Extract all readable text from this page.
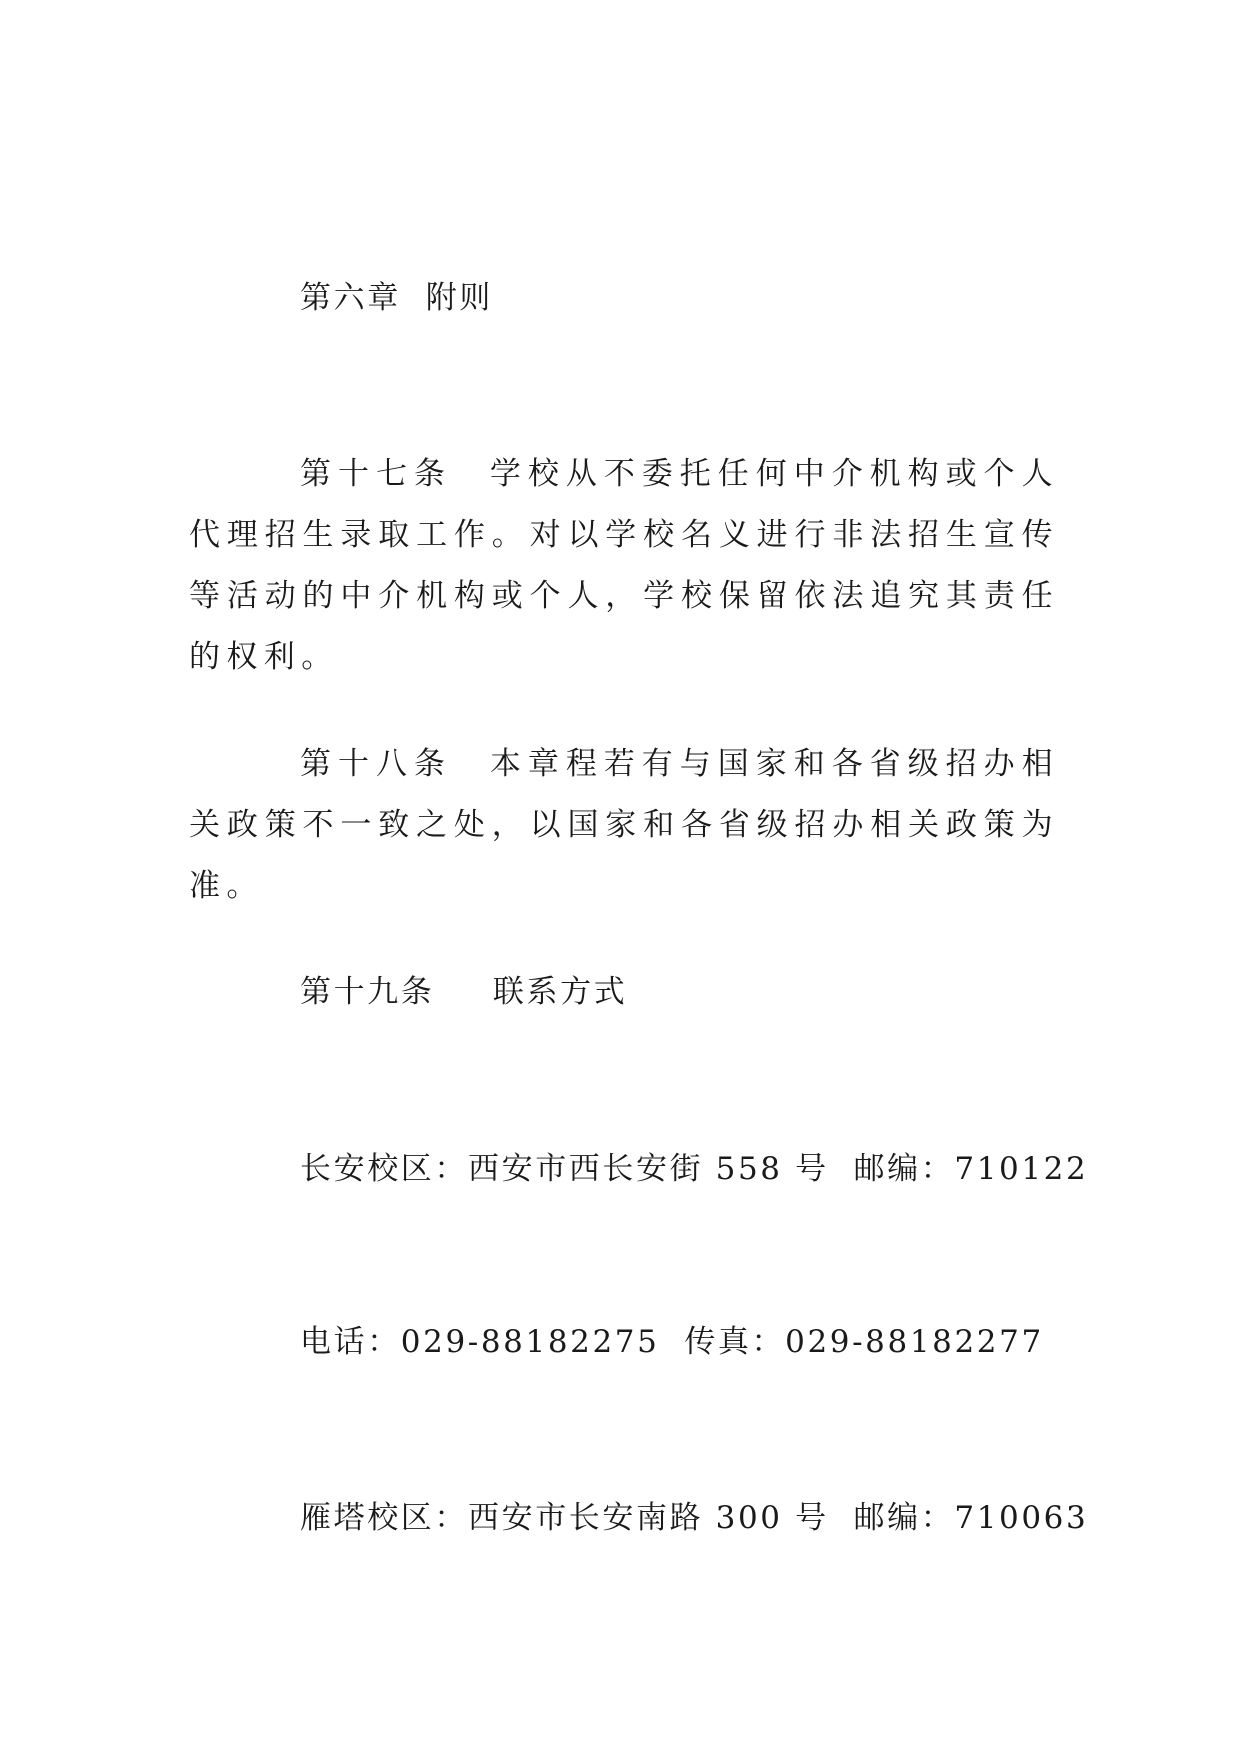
第六章  附则

第十七条　学校从不委托任何中介机构或个人代理招生录取工作。对以学校名义进行非法招生宣传等活动的中介机构或个人，学校保留依法追究其责任的权利。

第十八条　本章程若有与国家和各省级招办相关政策不一致之处，以国家和各省级招办相关政策为准。

第十九条　  联系方式
长安校区：西安市西长安街 558 号  邮编：710122
电话：029-88182275  传真：029-88182277
雁塔校区：西安市长安南路 300 号  邮编：710063
